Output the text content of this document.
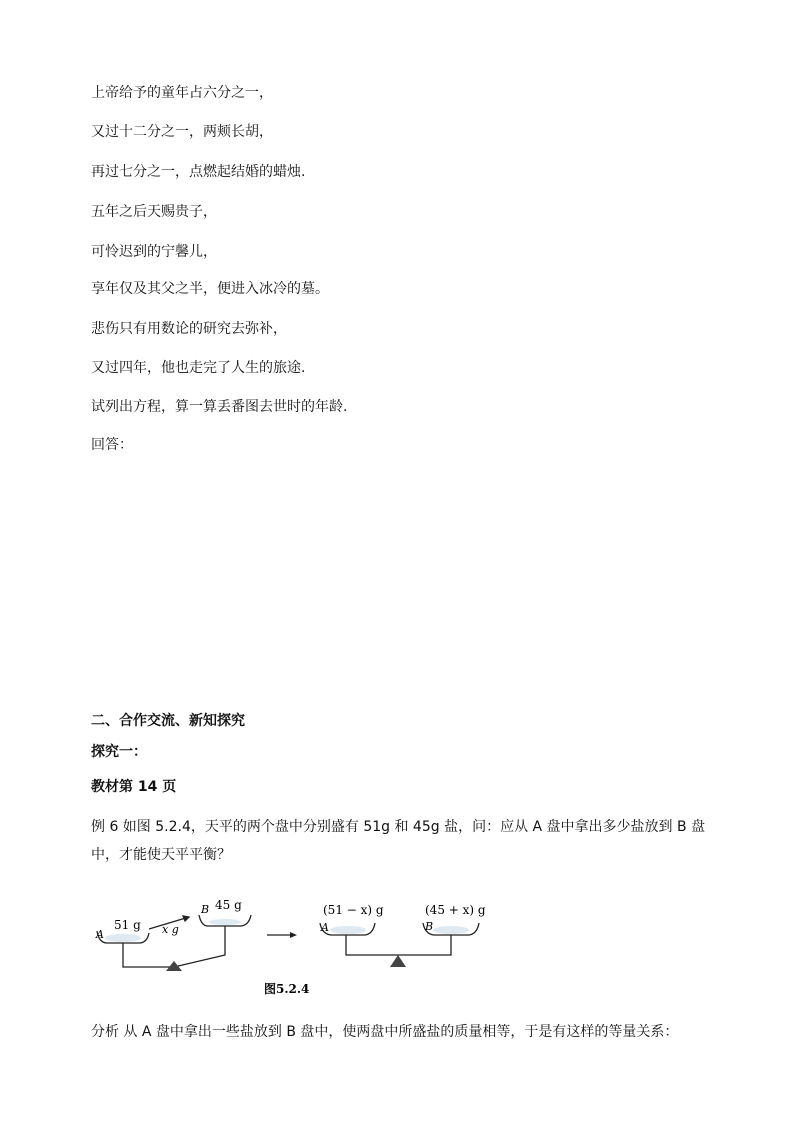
上帝给予的童年占六分之一，
又过十二分之一，两颊长胡，
再过七分之一，点燃起结婚的蜡烛.
五年之后天赐贵子，
可怜迟到的宁馨儿，
享年仅及其父之半，便进入冰冷的墓。
悲伤只有用数论的研究去弥补，
又过四年，他也走完了人生的旅途.
试列出方程，算一算丢番图去世时的年龄.
回答：
二、合作交流、新知探究
探究一：
教材第 14 页
例 6 如图 5.2.4，天平的两个盘中分别盛有 51g 和 45g 盐，问：应从 A 盘中拿出多少盐放到 B 盘中，才能使天平平衡？
A
51 g
B 45 g
x g	A
(51 − x) g
B
(45 + x) g
图5.2.4
分析 从 A 盘中拿出一些盐放到 B 盘中，使两盘中所盛盐的质量相等，于是有这样的等量关系：
